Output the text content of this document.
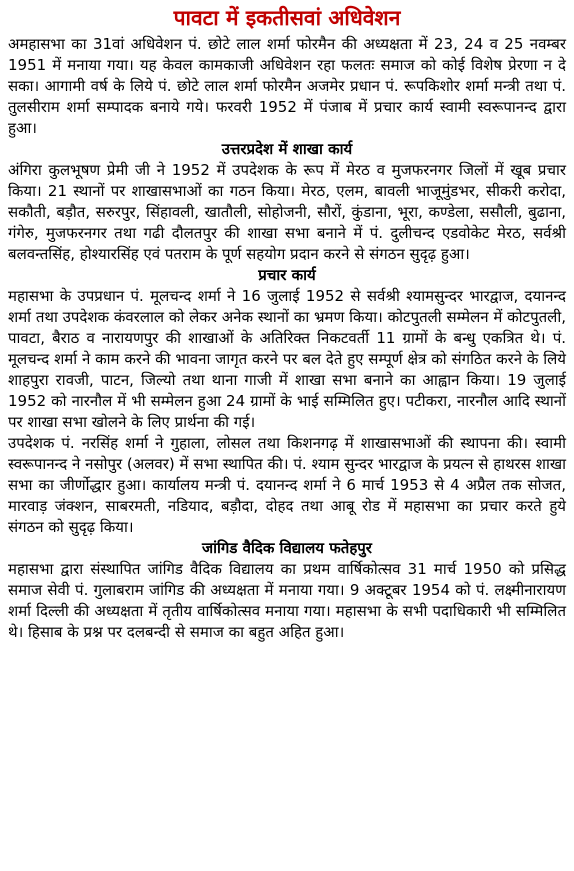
पावटा में इकतीसवां अधिवेशन

अमहासभा का 31वां अधिवेशन पं. छोटे लाल शर्मा फोरमैन की अध्यक्षता में 23, 24 व 25 नवम्बर 1951 में मनाया गया। यह केवल कामकाजी अधिवेशन रहा फलतः समाज को कोई विशेष प्रेरणा न दे सका। आगामी वर्ष के लिये पं. छोटे लाल शर्मा फोरमैन अजमेर प्रधान पं. रूपकिशोर शर्मा मन्त्री तथा पं. तुलसीराम शर्मा सम्पादक बनाये गये। फरवरी 1952 में पंजाब में प्रचार कार्य स्वामी स्वरूपानन्द द्वारा हुआ।

उत्तरप्रदेश में शाखा कार्य

अंगिरा कुलभूषण प्रेमी जी ने 1952 में उपदेशक के रूप में मेरठ व मुजफरनगर जिलों में खूब प्रचार किया। 21 स्थानों पर शाखासभाओं का गठन किया। मेरठ, एलम, बावली भाजूमुंडभर, सीकरी करोदा, सकौती, बड़ौत, सरुरपुर, सिंहावली, खातौली, सोहोजनी, सौरों, कुंडाना, भूरा, कण्डेला, ससौली, बुढाना, गंगेरु, मुजफरनगर तथा गढी दौलतपुर की शाखा सभा बनाने में पं. दुलीचन्द एडवोकेट मेरठ, सर्वश्री बलवन्तसिंह, होश्यारसिंह एवं पतराम के पूर्ण सहयोग प्रदान करने से संगठन सुदृढ़ हुआ।

प्रचार कार्य

महासभा के उपप्रधान पं. मूलचन्द शर्मा ने 16 जुलाई 1952 से सर्वश्री श्यामसुन्दर भारद्वाज, दयानन्द शर्मा तथा उपदेशक कंवरलाल को लेकर अनेक स्थानों का भ्रमण किया। कोटपुतली सम्मेलन में कोटपुतली, पावटा, बैराठ व नारायणपुर की शाखाओं के अतिरिक्त निकटवर्ती 11 ग्रामों के बन्धु एकत्रित थे। पं. मूलचन्द शर्मा ने काम करने की भावना जागृत करने पर बल देते हुए सम्पूर्ण क्षेत्र को संगठित करने के लिये शाहपुरा रावजी, पाटन, जिल्यो तथा थाना गाजी में शाखा सभा बनाने का आह्वान किया। 19 जुलाई 1952 को नारनौल में भी सम्मेलन हुआ 24 ग्रामों के भाई सम्मिलित हुए। पटीकरा, नारनौल आदि स्थानों पर शाखा सभा खोलने के लिए प्रार्थना की गई।

उपदेशक पं. नरसिंह शर्मा ने गुहाला, लोसल तथा किशनगढ़ में शाखासभाओं की स्थापना की। स्वामी स्वरूपानन्द ने नसोपुर (अलवर) में सभा स्थापित की। पं. श्याम सुन्दर भारद्वाज के प्रयत्न से हाथरस शाखा सभा का जीर्णोद्धार हुआ। कार्यालय मन्त्री पं. दयानन्द शर्मा ने 6 मार्च 1953 से 4 अप्रैल तक सोजत, मारवाड़ जंक्शन, साबरमती, नडियाद, बड़ौदा, दोहद तथा आबू रोड में महासभा का प्रचार करते हुये संगठन को सुदृढ़ किया।

जांगिड वैदिक विद्यालय फतेहपुर

महासभा द्वारा संस्थापित जांगिड वैदिक विद्यालय का प्रथम वार्षिकोत्सव 31 मार्च 1950 को प्रसिद्ध समाज सेवी पं. गुलाबराम जांगिड की अध्यक्षता में मनाया गया। 9 अक्टूबर 1954 को पं. लक्ष्मीनारायण शर्मा दिल्ली की अध्यक्षता में तृतीय वार्षिकोत्सव मनाया गया। महासभा के सभी पदाधिकारी भी सम्मिलित थे। हिसाब के प्रश्न पर दलबन्दी से समाज का बहुत अहित हुआ।
